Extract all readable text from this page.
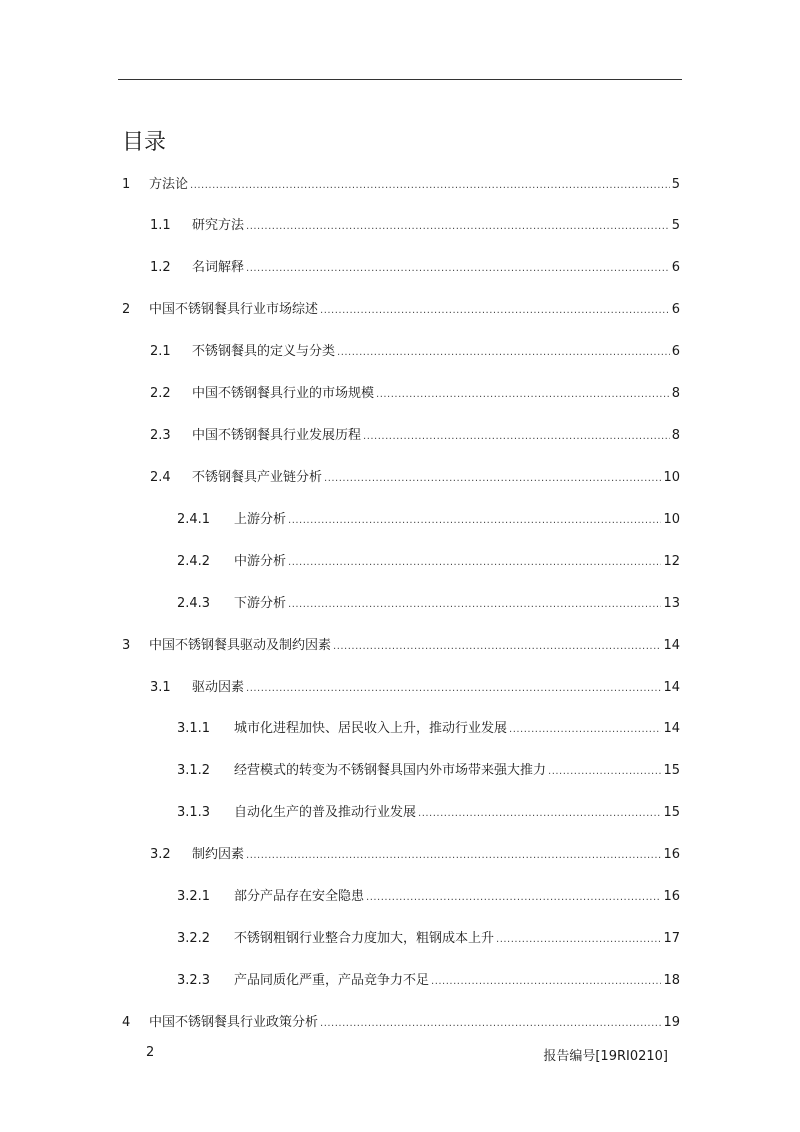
目录
1	方法论 .....	5
1.1	研究方法 .....	5
1.2	名词解释 .....	6
2	中国不锈钢餐具行业市场综述 .....	6
2.1	不锈钢餐具的定义与分类 .....	6
2.2	中国不锈钢餐具行业的市场规模 .....	8
2.3	中国不锈钢餐具行业发展历程 .....	8
2.4	不锈钢餐具产业链分析 .....	10
2.4.1	上游分析 .....	10
2.4.2	中游分析 .....	12
2.4.3	下游分析 .....	13
3	中国不锈钢餐具驱动及制约因素 .....	14
3.1	驱动因素 .....	14
3.1.1	城市化进程加快、居民收入上升，推动行业发展 .....	14
3.1.2	经营模式的转变为不锈钢餐具国内外市场带来强大推力 .....	15
3.1.3	自动化生产的普及推动行业发展 .....	15
3.2	制约因素 .....	16
3.2.1	部分产品存在安全隐患 .....	16
3.2.2	不锈钢粗钢行业整合力度加大，粗钢成本上升 .....	17
3.2.3	产品同质化严重，产品竞争力不足 .....	18
4	中国不锈钢餐具行业政策分析 .....	19
2	报告编号[19RI0210]
